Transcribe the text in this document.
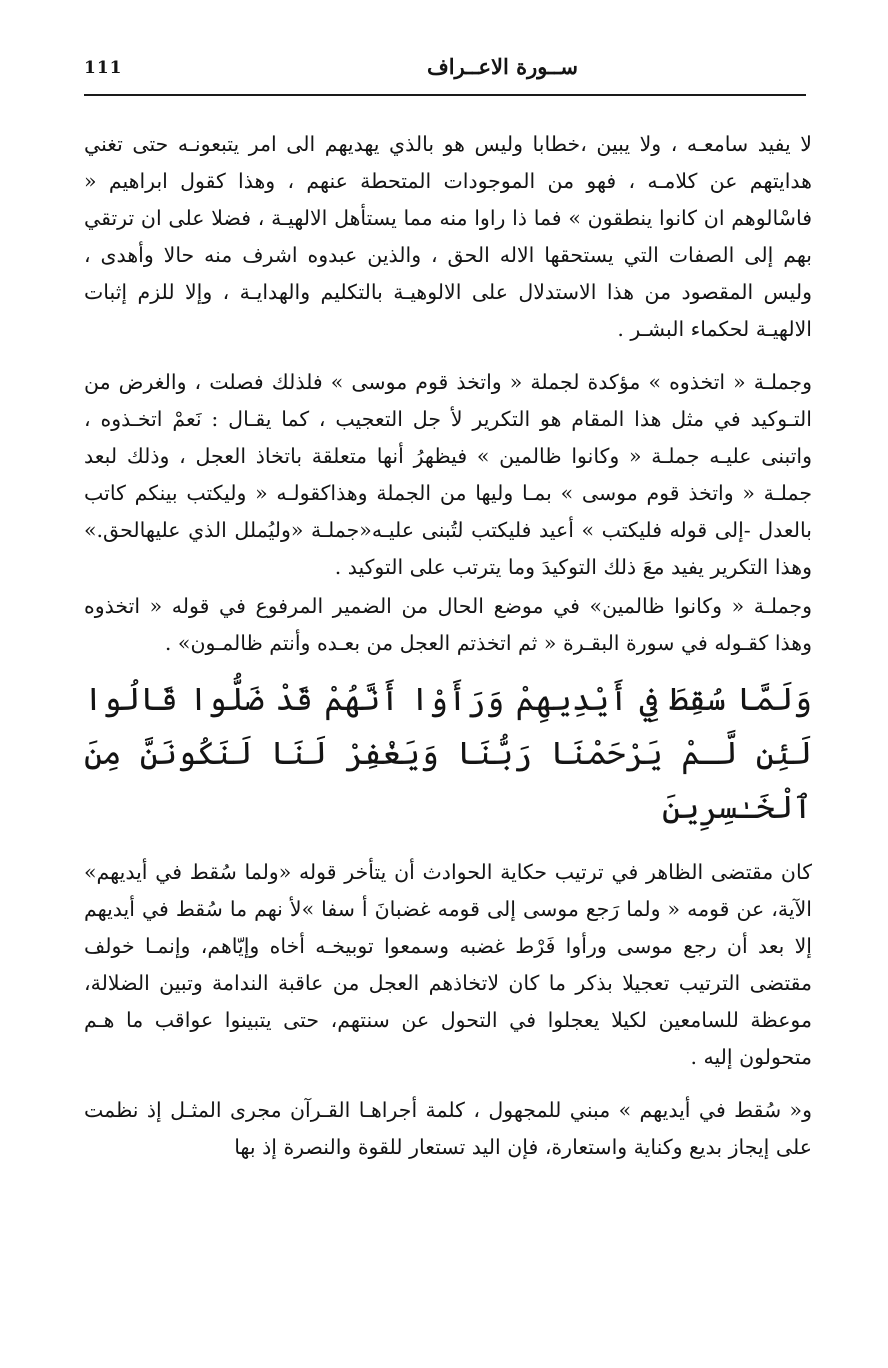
111	ســورة الاعــراف

لا يفيد سامعـه ، ولا يبين ،خطابا وليس هو بالذي يهديهم الى امر يتبعونـه حتى تغني هدايتهم عن كلامـه ، فهو من الموجودات المتحطة عنهم ، وهذا كقول ابراهيم « فاسْالوهم ان كانوا ينطقون » فما ذا راوا منه مما يستأهل الالهيـة ، فضلا على ان ترتقي بهم إلى الصفات التي يستحقها الاله الحق ، والذين عبدوه اشرف منه حالا وأهدى ، وليس المقصود من هذا الاستدلال على الالوهيـة بالتكليم والهدايـة ، وإلا للزم إثبات الالهيـة لحكماء البشـر .

وجملـة « اتخذوه » مؤكدة لجملة « واتخذ قوم موسى » فلذلك فصلت ، والغرض من التـوكيد في مثل هذا المقام هو التكرير لأ جل التعجيب ، كما يقـال : نَعمْ اتخـذوه ، واتبنى عليـه جملـة « وكانوا ظالمين » فيظهرُ أنها متعلقة باتخاذ العجل ، وذلك لبعد جملـة « واتخذ قوم موسى » بمـا وليها من الجملة وهذاكقولـه « وليكتب بينكم كاتب بالعدل -إلى قوله فليكتب » أعيد فليكتب لتُبنى عليـه«جملـة «وليُملل الذي عليهالحق.» وهذا التكرير يفيد معَ ذلك التوكيدَ وما يترتب على التوكيد .

وجملـة « وكانوا ظالمين» في موضع الحال من الضمير المرفوع في قوله « اتخذوه وهذا كقـوله في سورة البقـرة « ثم اتخذتم العجل من بعـده وأنتم ظالمـون» .

وَلَمَّا سُقِطَ فِي أَيْدِيهِمْ وَرَأَوْا أَنَّهُمْ قَدْ ضَلُّوا قَالُوا لَئِن لَّـمْ يَرْحَمْنَا رَبُّنَا وَيَغْفِرْ لَنَا لَنَكُونَنَّ مِنَ ٱلْخَـٰسِرِينَ

كان مقتضى الظاهر في ترتيب حكاية الحوادث أن يتأخر قوله «ولما سُقط في أيديهم» الآية، عن قومه « ولما رَجع موسى إلى قومه غضبانَ أ سفا »لأ نهم ما سُقط في أيديهم إلا بعد أن رجع موسى ورأوا فَرْط غضبه وسمعوا توبيخـه أخاه وإيّاهم، وإنمـا خولف مقتضى الترتيب تعجيلا بذكر ما كان لاتخاذهم العجل من عاقبة الندامة وتبين الضلالة، موعظة للسامعين لكيلا يعجلوا في التحول عن سنتهم، حتى يتبينوا عواقب ما هـم متحولون إليه .

و« سُقط في أيديهم » مبني للمجهول ، كلمة أجراهـا القـرآن مجرى المثـل إذ نظمت على إيجاز بديع وكناية واستعارة، فإن اليد تستعار للقوة والنصرة إذ بها
